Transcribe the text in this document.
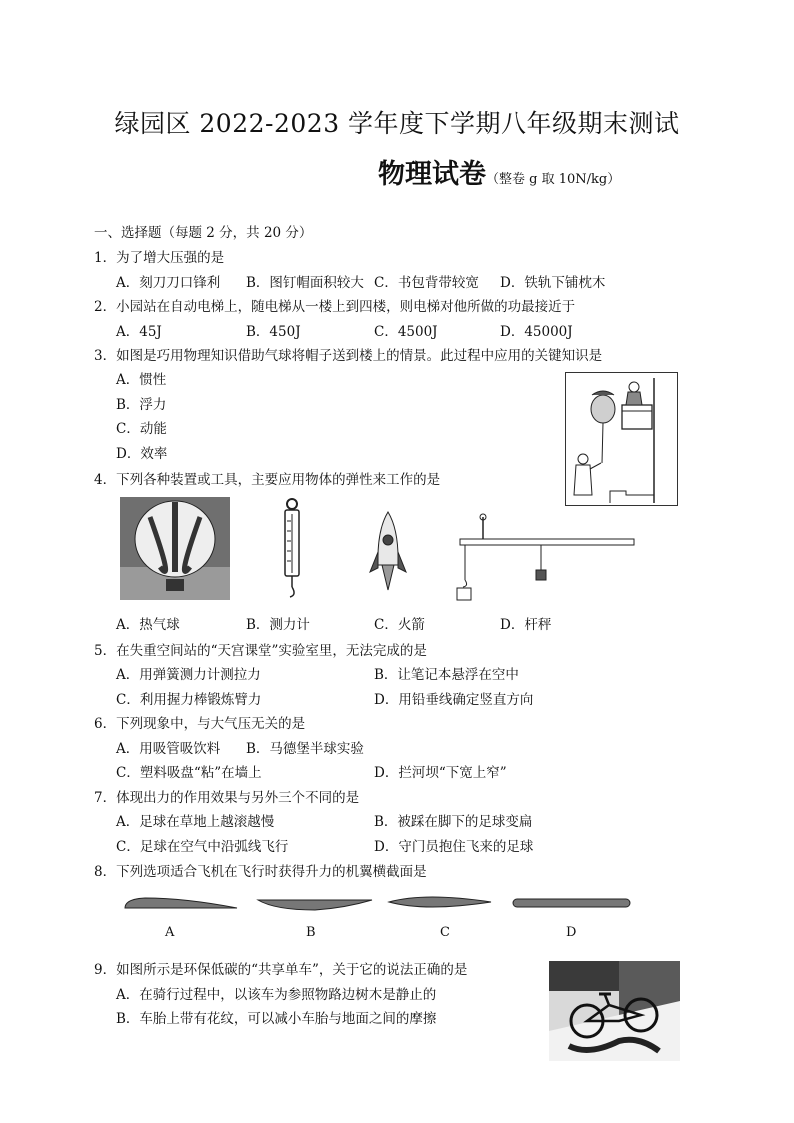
绿园区 2022-2023 学年度下学期八年级期末测试
物理试卷（整卷 g 取 10N/kg）
一、选择题（每题 2 分，共 20 分）
1．为了增大压强的是
A．刻刀刀口锋利 B．图钉帽面积较大 C．书包背带较宽 D．铁轨下铺枕木
2．小园站在自动电梯上，随电梯从一楼上到四楼，则电梯对他所做的功最接近于
A．45J	B．450J	C．4500J	D．45000J
3．如图是巧用物理知识借助气球将帽子送到楼上的情景。此过程中应用的关键知识是
A．惯性
B．浮力
C．动能
D．效率
4．下列各种装置或工具，主要应用物体的弹性来工作的是
A．热气球	B．测力计	C．火箭	D．杆秤
5．在失重空间站的“天宫课堂”实验室里，无法完成的是
A．用弹簧测力计测拉力	B．让笔记本悬浮在空中
C．利用握力棒锻炼臂力	D．用铅垂线确定竖直方向
6．下列现象中，与大气压无关的是
A．用吸管吸饮料 B．马德堡半球实验
C．塑料吸盘“粘”在墙上	D．拦河坝“下宽上窄”
7．体现出力的作用效果与另外三个不同的是
A．足球在草地上越滚越慢	B．被踩在脚下的足球变扁
C．足球在空气中沿弧线飞行	D．守门员抱住飞来的足球
8．下列选项适合飞机在飞行时获得升力的机翼横截面是
A	B	C	D
9．如图所示是环保低碳的“共享单车”，关于它的说法正确的是
A．在骑行过程中，以该车为参照物路边树木是静止的
B．车胎上带有花纹，可以减小车胎与地面之间的摩擦
